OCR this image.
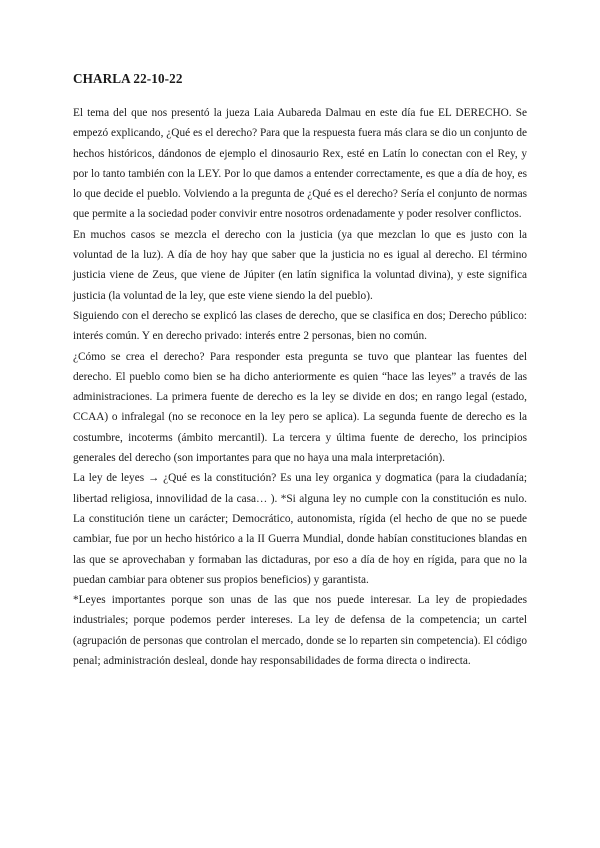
CHARLA 22-10-22

El tema del que nos presentó la jueza Laia Aubareda Dalmau en este día fue EL DERECHO. Se empezó explicando, ¿Qué es el derecho? Para que la respuesta fuera más clara se dio un conjunto de hechos históricos, dándonos de ejemplo el dinosaurio Rex, esté en Latín lo conectan con el Rey, y por lo tanto también con la LEY. Por lo que damos a entender correctamente, es que a día de hoy, es lo que decide el pueblo. Volviendo a la pregunta de ¿Qué es el derecho? Sería el conjunto de normas que permite a la sociedad poder convivir entre nosotros ordenadamente y poder resolver conflictos.

En muchos casos se mezcla el derecho con la justicia (ya que mezclan lo que es justo con la voluntad de la luz). A día de hoy hay que saber que la justicia no es igual al derecho. El término justicia viene de Zeus, que viene de Júpiter (en latín significa la voluntad divina), y este significa justicia (la voluntad de la ley, que este viene siendo la del pueblo).

Siguiendo con el derecho se explicó las clases de derecho, que se clasifica en dos; Derecho público: interés común. Y en derecho privado: interés entre 2 personas, bien no común.

¿Cómo se crea el derecho? Para responder esta pregunta se tuvo que plantear las fuentes del derecho. El pueblo como bien se ha dicho anteriormente es quien “hace las leyes” a través de las administraciones. La primera fuente de derecho es la ley se divide en dos; en rango legal (estado, CCAA) o infralegal (no se reconoce en la ley pero se aplica). La segunda fuente de derecho es la costumbre, incoterms (ámbito mercantil). La tercera y última fuente de derecho, los principios generales del derecho (son importantes para que no haya una mala interpretación).

La ley de leyes → ¿Qué es la constitución? Es una ley organica y dogmatica (para la ciudadanía; libertad religiosa, innovilidad de la casa… ). *Si alguna ley no cumple con la constitución es nulo. La constitución tiene un carácter; Democrático, autonomista, rígida (el hecho de que no se puede cambiar, fue por un hecho histórico a la II Guerra Mundial, donde habían constituciones blandas en las que se aprovechaban y formaban las dictaduras, por eso a día de hoy en rígida, para que no la puedan cambiar para obtener sus propios beneficios) y garantista.

*Leyes importantes porque son unas de las que nos puede interesar. La ley de propiedades industriales; porque podemos perder intereses. La ley de defensa de la competencia; un cartel (agrupación de personas que controlan el mercado, donde se lo reparten sin competencia). El código penal; administración desleal, donde hay responsabilidades de forma directa o indirecta.
